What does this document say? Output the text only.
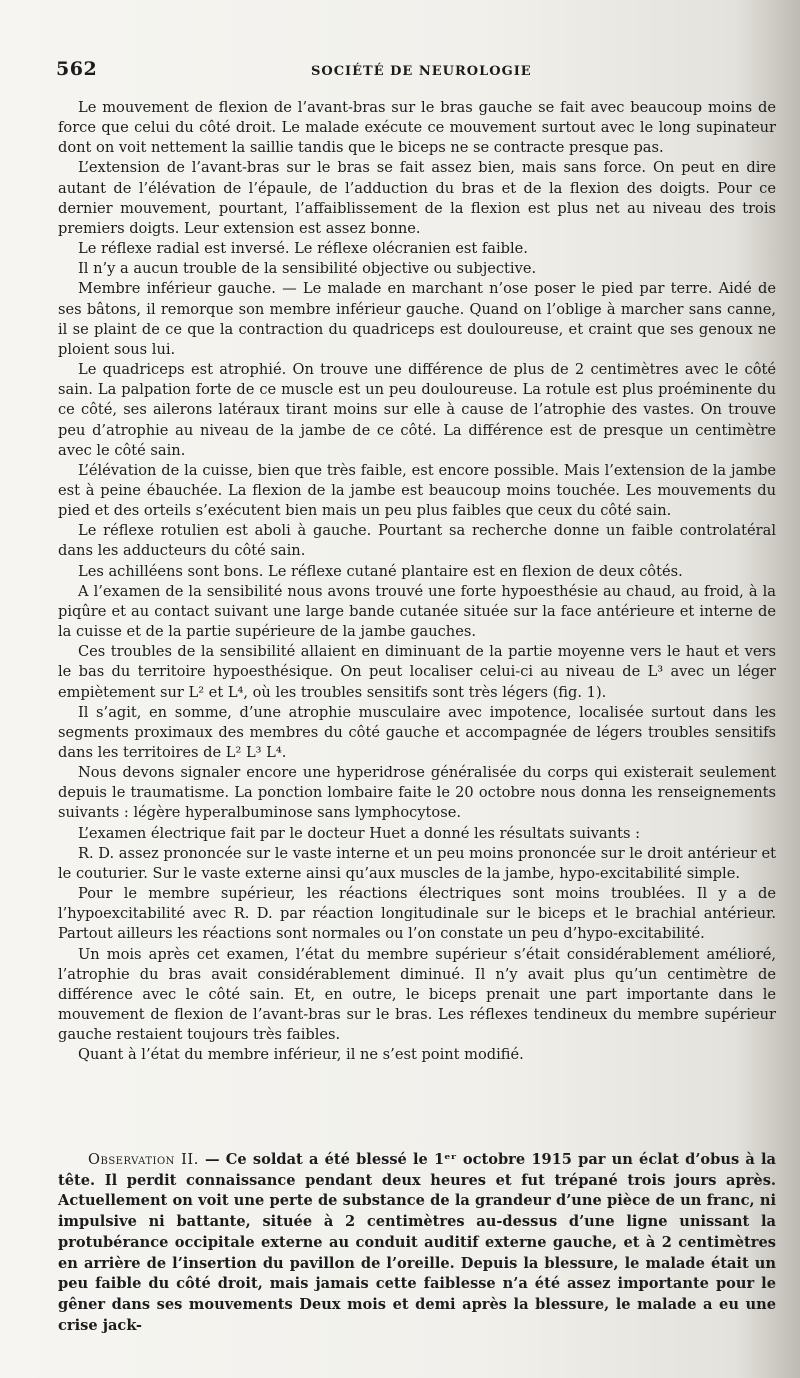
562	SOCIÉTÉ DE NEUROLOGIE

Le mouvement de flexion de l’avant-bras sur le bras gauche se fait avec beaucoup moins de force que celui du côté droit. Le malade exécute ce mouvement surtout avec le long supinateur dont on voit nettement la saillie tandis que le biceps ne se contracte presque pas.

L’extension de l’avant-bras sur le bras se fait assez bien, mais sans force. On peut en dire autant de l’élévation de l’épaule, de l’adduction du bras et de la flexion des doigts. Pour ce dernier mouvement, pourtant, l’affaiblissement de la flexion est plus net au niveau des trois premiers doigts. Leur extension est assez bonne.

Le réflexe radial est inversé. Le réflexe olécranien est faible.

Il n’y a aucun trouble de la sensibilité objective ou subjective.

Membre inférieur gauche. — Le malade en marchant n’ose poser le pied par terre. Aidé de ses bâtons, il remorque son membre inférieur gauche. Quand on l’oblige à marcher sans canne, il se plaint de ce que la contraction du quadriceps est douloureuse, et craint que ses genoux ne ploient sous lui.

Le quadriceps est atrophié. On trouve une différence de plus de 2 centimètres avec le côté sain. La palpation forte de ce muscle est un peu douloureuse. La rotule est plus proéminente du ce côté, ses ailerons latéraux tirant moins sur elle à cause de l’atrophie des vastes. On trouve peu d’atrophie au niveau de la jambe de ce côté. La différence est de presque un centimètre avec le côté sain.

L’élévation de la cuisse, bien que très faible, est encore possible. Mais l’extension de la jambe est à peine ébauchée. La flexion de la jambe est beaucoup moins touchée. Les mouvements du pied et des orteils s’exécutent bien mais un peu plus faibles que ceux du côté sain.

Le réflexe rotulien est aboli à gauche. Pourtant sa recherche donne un faible controlatéral dans les adducteurs du côté sain.

Les achilléens sont bons. Le réflexe cutané plantaire est en flexion de deux côtés.

A l’examen de la sensibilité nous avons trouvé une forte hypoesthésie au chaud, au froid, à la piqûre et au contact suivant une large bande cutanée située sur la face antérieure et interne de la cuisse et de la partie supérieure de la jambe gauches.

Ces troubles de la sensibilité allaient en diminuant de la partie moyenne vers le haut et vers le bas du territoire hypoesthésique. On peut localiser celui-ci au niveau de L³ avec un léger empiètement sur L² et L⁴, où les troubles sensitifs sont très légers (fig. 1).

Il s’agit, en somme, d’une atrophie musculaire avec impotence, localisée surtout dans les segments proximaux des membres du côté gauche et accompagnée de légers troubles sensitifs dans les territoires de L² L³ L⁴.

Nous devons signaler encore une hyperidrose généralisée du corps qui existerait seulement depuis le traumatisme. La ponction lombaire faite le 20 octobre nous donna les renseignements suivants : légère hyperalbuminose sans lymphocytose.

L’examen électrique fait par le docteur Huet a donné les résultats suivants :

R. D. assez prononcée sur le vaste interne et un peu moins prononcée sur le droit antérieur et le couturier. Sur le vaste externe ainsi qu’aux muscles de la jambe, hypo-excitabilité simple.

Pour le membre supérieur, les réactions électriques sont moins troublées. Il y a de l’hypoexcitabilité avec R. D. par réaction longitudinale sur le biceps et le brachial antérieur. Partout ailleurs les réactions sont normales ou l’on constate un peu d’hypo-excitabilité.

Un mois après cet examen, l’état du membre supérieur s’était considérablement amélioré, l’atrophie du bras avait considérablement diminué. Il n’y avait plus qu’un centimètre de différence avec le côté sain. Et, en outre, le biceps prenait une part importante dans le mouvement de flexion de l’avant-bras sur le bras. Les réflexes tendineux du membre supérieur gauche restaient toujours très faibles.

Quant à l’état du membre inférieur, il ne s’est point modifié.

Observation II. — Ce soldat a été blessé le 1ᵉʳ octobre 1915 par un éclat d’obus à la tête. Il perdit connaissance pendant deux heures et fut trépané trois jours après. Actuellement on voit une perte de substance de la grandeur d’une pièce de un franc, ni impulsive ni battante, située à 2 centimètres au-dessus d’une ligne unissant la protubérance occipitale externe au conduit auditif externe gauche, et à 2 centimètres en arrière de l’insertion du pavillon de l’oreille. Depuis la blessure, le malade était un peu faible du côté droit, mais jamais cette faiblesse n’a été assez importante pour le gêner dans ses mouvements Deux mois et demi après la blessure, le malade a eu une crise jack-
